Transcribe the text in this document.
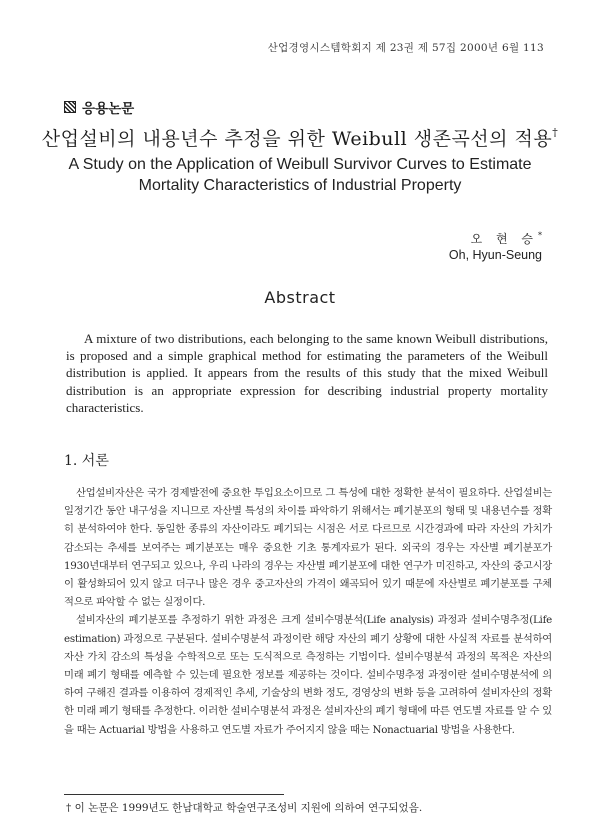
산업경영시스템학회지 제 23권 제 57집 2000년 6월 113
응용논문
산업설비의 내용년수 추정을 위한 Weibull 생존곡선의 적용†
A Study on the Application of Weibull Survivor Curves to Estimate
Mortality Characteristics of Industrial Property
오 현 승*
Oh, Hyun-Seung
Abstract
A mixture of two distributions, each belonging to the same known Weibull distributions, is proposed and a simple graphical method for estimating the parameters of the Weibull distribution is applied. It appears from the results of this study that the mixed Weibull distribution is an appropriate expression for describing industrial property mortality characteristics.
1. 서론

산업설비자산은 국가 경제발전에 중요한 투입요소이므로 그 특성에 대한 정확한 분석이 필요하다. 산업설비는 일정기간 동안 내구성을 지니므로 자산별 특성의 차이를 파악하기 위해서는 폐기분포의 형태 및 내용년수를 정확히 분석하여야 한다. 동일한 종류의 자산이라도 폐기되는 시점은 서로 다르므로 시간경과에 따라 자산의 가치가 감소되는 추세를 보여주는 폐기분포는 매우 중요한 기초 통계자료가 된다. 외국의 경우는 자산별 폐기분포가 1930년대부터 연구되고 있으나, 우리 나라의 경우는 자산별 폐기분포에 대한 연구가 미진하고, 자산의 중고시장이 활성화되어 있지 않고 더구나 많은 경우 중고자산의 가격이 왜곡되어 있기 때문에 자산별로 폐기분포를 구체적으로 파악할 수 없는 실정이다.

설비자산의 폐기분포를 추정하기 위한 과정은 크게 설비수명분석(Life analysis) 과정과 설비수명추정(Life estimation) 과정으로 구분된다. 설비수명분석 과정이란 해당 자산의 폐기 상황에 대한 사실적 자료를 분석하여 자산 가치 감소의 특성을 수학적으로 또는 도식적으로 측정하는 기법이다. 설비수명분석 과정의 목적은 자산의 미래 폐기 형태를 예측할 수 있는데 필요한 정보를 제공하는 것이다. 설비수명추정 과정이란 설비수명분석에 의하여 구해진 결과를 이용하여 경제적인 추세, 기술상의 변화 정도, 경영상의 변화 등을 고려하여 설비자산의 정확한 미래 폐기 형태를 추정한다. 이러한 설비수명분석 과정은 설비자산의 폐기 형태에 따른 연도별 자료를 알 수 있을 때는 Actuarial 방법을 사용하고 연도별 자료가 주어지지 않을 때는 Nonactuarial 방법을 사용한다.

† 이 논문은 1999년도 한남대학교 학술연구조성비 지원에 의하여 연구되었음.
